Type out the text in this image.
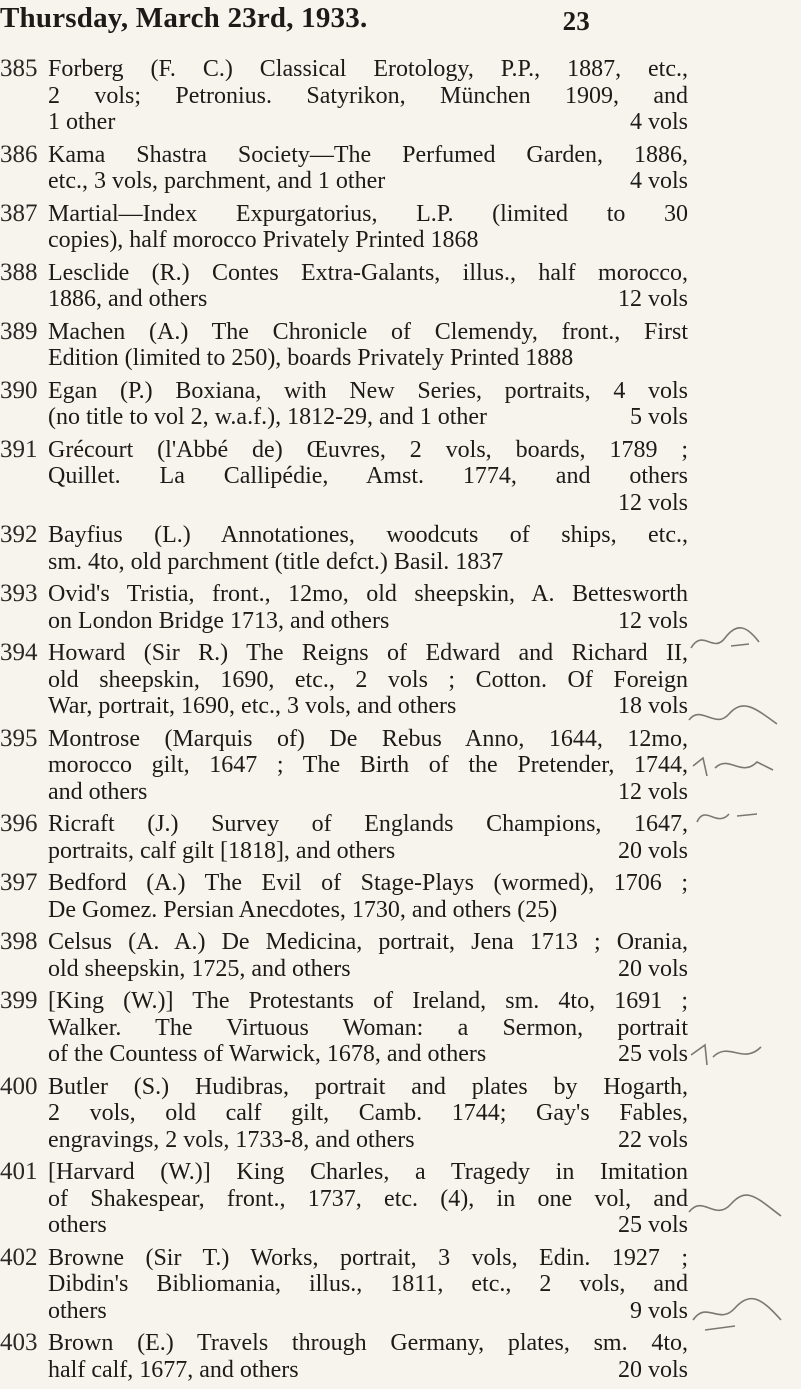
Thursday, March 23rd, 1933.	23
385 Forberg (F. C.) Classical Erotology, P.P., 1887, etc.,
2 vols; Petronius. Satyrikon, München 1909, and
1 other	4 vols
386 Kama Shastra Society—The Perfumed Garden, 1886,
etc., 3 vols, parchment, and 1 other	4 vols
387 Martial—Index Expurgatorius, L.P. (limited to 30
copies), half morocco Privately Printed 1868
388 Lesclide (R.) Contes Extra-Galants, illus., half morocco,
1886, and others	12 vols
389 Machen (A.) The Chronicle of Clemendy, front., First
Edition (limited to 250), boards Privately Printed 1888
390 Egan (P.) Boxiana, with New Series, portraits, 4 vols
(no title to vol 2, w.a.f.), 1812-29, and 1 other	5 vols
391 Grécourt (l'Abbé de) Œuvres, 2 vols, boards, 1789 ;
Quillet. La Callipédie, Amst. 1774, and others
12 vols
392 Bayfius (L.) Annotationes, woodcuts of ships, etc.,
sm. 4to, old parchment (title defct.) Basil. 1837
393 Ovid's Tristia, front., 12mo, old sheepskin, A. Bettesworth
on London Bridge 1713, and others	12 vols
394 Howard (Sir R.) The Reigns of Edward and Richard II,
old sheepskin, 1690, etc., 2 vols ; Cotton. Of Foreign
War, portrait, 1690, etc., 3 vols, and others	18 vols
395 Montrose (Marquis of) De Rebus Anno, 1644, 12mo,
morocco gilt, 1647 ; The Birth of the Pretender, 1744,
and others	12 vols
396 Ricraft (J.) Survey of Englands Champions, 1647,
portraits, calf gilt [1818], and others	20 vols
397 Bedford (A.) The Evil of Stage-Plays (wormed), 1706 ;
De Gomez. Persian Anecdotes, 1730, and others (25)
398 Celsus (A. A.) De Medicina, portrait, Jena 1713 ; Orania,
old sheepskin, 1725, and others	20 vols
399 [King (W.)] The Protestants of Ireland, sm. 4to, 1691 ;
Walker. The Virtuous Woman: a Sermon, portrait
of the Countess of Warwick, 1678, and others	25 vols
400 Butler (S.) Hudibras, portrait and plates by Hogarth,
2 vols, old calf gilt, Camb. 1744; Gay's Fables,
engravings, 2 vols, 1733-8, and others	22 vols
401 [Harvard (W.)] King Charles, a Tragedy in Imitation
of Shakespear, front., 1737, etc. (4), in one vol, and
others	25 vols
402 Browne (Sir T.) Works, portrait, 3 vols, Edin. 1927 ;
Dibdin's Bibliomania, illus., 1811, etc., 2 vols, and
others	9 vols
403 Brown (E.) Travels through Germany, plates, sm. 4to,
half calf, 1677, and others	20 vols
